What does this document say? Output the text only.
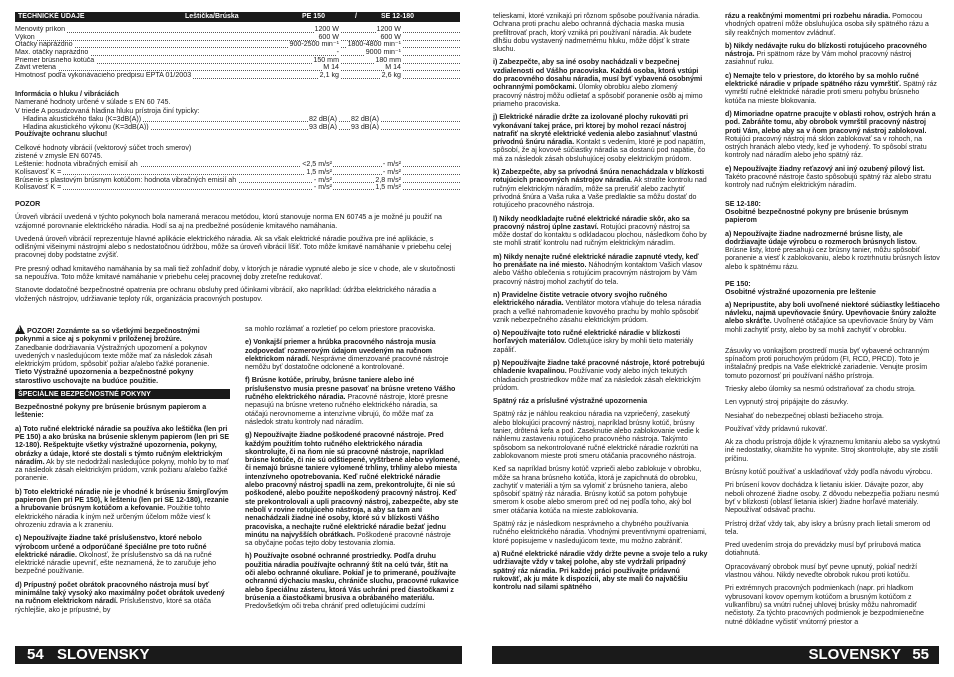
TECHNICKÉ ÚDAJE	Leštička/Brúska	PE 150	/	SE 12-180
Menovitý príkon	1200 W	1200 W
Výkon	600 W	600 W
Otáčky naprázdno	900-2500 min⁻¹ 1800-4800 min⁻¹
Max. otáčky naprázdno	-	9000 min⁻¹
Priemer brúsneho kotúča	150 mm	180 mm
Závit vretena	M 14	M 14
Hmotnosť podľa vykonávacieho predpisu EPTA 01/2003	2,1 kg	2,6 kg
Informácia o hluku / vibráciách
Namerané hodnoty určené v súlade s EN 60 745.
V triede A posudzovaná hladina hluku prístroja činí typicky:
Hladina akustického tlaku (K=3dB(A))	82 dB(A) 82 dB(A)
Hladina akustického výkonu (K=3dB(A))	93 dB(A) 93 dB(A)
Používajte ochranu sluchu!
Celkové hodnoty vibrácií (vektorový súčet troch smerov)
zistené v zmysle EN 60745.
Leštenie: hodnota vibračných emisií ah	<2,5 m/s²	- m/s²
Kolísavosť K =	1,5 m/s²	- m/s²
Brúsenie s plastovým brúsnym kotúčom: hodnota vibračných emisií ah	- m/s²	2,8 m/s²
Kolísavosť K =	- m/s²	1,5 m/s²

POZOR

Úroveň vibrácií uvedená v týchto pokynoch bola nameraná meracou metódou, ktorú stanovuje norma EN 60745 a je možné ju použiť na vzájomné porovnanie elektrického náradia. Hodí sa aj na predbežné posúdenie kmitavého namáhania.

Uvedená úroveň vibrácií reprezentuje hlavné aplikácie elektrického náradia. Ak sa však elektrické náradie použiva pre iné aplikácie, s odlišnými višeinymi nástrojmi alebo s nedostatočnou údržbou, môže sa úroveň vibrácií líšiť. Toto môže kmitavé namáhanie v priebehu celej pracovnej doby podstatne zvýšiť.

Pre presný odhad kmitavého namáhania by sa mali tiež zohľadniť doby, v ktorých je náradie vypnuté alebo je síce v chode, ale v skutočnosti sa nepoužíva. Toto môže kmitavé namáhanie v priebehu celej pracovnej doby zreteľne redukovať.

Stanovte dodatočné bezpečnostné opatrenia pre ochranu obsluhy pred účinkami vibrácií, ako napríklad: údržba elektrického náradia a vložených nástrojov, udržiavanie teploty rúk, organizácia pracovných postupov.

!POZOR! Zoznámte sa so všetkými bezpečnostnými pokynmi a sice aj s pokynmi v priloženej brožúre.
Zanedbanie dodržiavania Výstražných upozornení a pokynov uvedených v nasledujúcom texte môže mať za následok zásah elektrickým prúdom, spôsobiť požiar a/alebo ťažké poranenie.
Tieto Výstražné upozornenia a bezpečnostné pokyny starostlivo uschovajte na budúce použitie.
ŠPECIÁLNE BEZPEČNOSTNÉ POKYNY

Bezpečnostné pokyny pre brúsenie brúsnym papierom a leštenie:

a) Toto ručné elektrické náradie sa používa ako leštička (len pri PE 150) a ako brúska na brúsenie sklenym papierom (len pri SE 12-180). Rešpektujte všetky výstražné upozornenia, pokyny, obrázky a údaje, ktoré ste dostali s týmto ručným elektrickým náradím. Ak by ste nedodržali nasledujúce pokyny, mohlo by to mať za následok zásah elektrickým prúdom, vznik požiaru a/alebo ťažké poranenie.

b) Toto elektrické náradie nie je vhodné k brúseniu šmirgľovým papierom (len pri PE 150), k lešteniu (len pri SE 12-180), rezanie a hrubovanie brúsnym kotúčom a kefovanie. Použitie tohto elektrického náradia k iným než určeným účelom môže viesť k ohrozeniu zdravia a k zraneniu.

c) Nepoužívajte žiadne také príslušenstvo, ktoré nebolo výrobcom určené a odporúčané špeciálne pre toto ručné elektrické náradie. Okolnosť, že príslušenstvo sa dá na ručné elektrické náradie upevniť, ešte neznamená, že to zaručuje jeho bezpečné používanie.

d) Prípustný počet obrátok pracovného nástroja musí byť minimálne taký vysoký ako maximálny počet obrátok uvedený na ručnom elektrickom náradí. Príslušenstvo, ktoré sa otáča rýchlejšie, ako je prípustné, by

sa mohlo rozlámať a rozletieť po celom priestore pracoviska.

e) Vonkajší priemer a hrúbka pracovného nástroja musia zodpovedať rozmerovým údajom uvedeným na ručnom elektrickom náradí. Nesprávne dimenzované pracovné nástroje nemôžu byť dostatočne odclonené a kontrolované.

f) Brúsne kotúče, príruby, brúsne taniere alebo iné príslušenstvo musia presne pasovať na brúsne vreteno Vášho ručného elektrického náradia. Pracovné nástroje, ktoré presne nepasujú na brúsne vreteno ručného elektrického náradia, sa otáčajú nerovnomerne a intenzívne vibrujú, čo môže mať za následok stratu kontroly nad náradím.

g) Nepoužívajte žiadne poškodené pracovné nástroje. Pred každým použitím tohto ručného elektrického náradia skontrolujte, či na ňom nie sú pracovné nástroje, napríklad brúsne kotúče, či nie sú odštiepené, vyštrbené alebo vylomené, či nemajú brúsne taniere vylomené trhliny, trhliny alebo miesta intenzívneho opotrebovania. Keď ručné elektrické náradie alebo pracovný nástroj spadli na zem, prekontrolujte, či nie sú poškodené, alebo použite nepoškodený pracovný nástroj. Keď ste prekontrolovali a upli pracovný nástroj, zabezpečte, aby ste nebolí v rovine rotujúceho nástroja, a aby sa tam ani nenachádzali žiadne iné osoby, ktoré sú v blízkosti Vášho pracoviska, a nechajte ručné elektrické náradie bežať jednu minútu na najvyšších obrátkach. Poškodené pracovné nástroje sa obyčajne počas tejto doby testovania zlomia.

h) Používajte osobné ochranné prostriedky. Podľa druhu použitia náradia používajte ochranný štít na celú tvár, štít na oči alebo ochranné okuliare. Pokiaľ je to primerané, používajte ochrannú dýchaciu masku, chrániče sluchu, pracovné rukavice alebo špeciálnu zásteru, ktorá Vás uchráni pred čiastočkami z brúsenia a čiastočkami brusiva a obrábaného materiálu. Predovšetkým oči treba chrániť pred odletujúcimi cudzími

54 SLOVENSKY

telieskami, ktoré vznikajú pri rôznom spôsobe používania náradia. Ochrana proti prachu alebo ochranná dýchacia maska musia prefiltrovať prach, ktorý vzniká pri používaní náradia. Ak budete dlhšiu dobu vystavený nadmernému hluku, môže dôjsť k strate sluchu.

i) Zabezpečte, aby sa iné osoby nachádzali v bezpečnej vzdialenosti od Vášho pracoviska. Každá osoba, ktorá vstúpi do pracovného dosahu náradia, musí byť vybavená osobnými ochrannými pomôckami. Úlomky obrobku alebo zlomený pracovný nástroj môžu odlietať a spôsobiť poranenie osôb aj mimo priameho pracoviska.

j) Elektrické náradie držte za izolované plochy rukoväti pri vykonávaní takej práce, pri ktorej by mohol rezací nástroj natrafiť na skryté elektrické vedenia alebo zasiahnuť vlastnú prívodnú šnúru náradia. Kontakt s vedením, ktoré je pod napätím, spôsobí, že aj kovové súčiastky náradia sa dostanú pod napätie, čo má za následok zásah obsluhujúcej osoby elektrickým prúdom.

k) Zabezpečte, aby sa prívodná šnúra nenachádzala v blízkosti rotujúcich pracovných nástrojov náradia. Ak stratíte kontrolu nad ručným elektrickým náradím, môže sa prerušiť alebo zachytiť prívodná šnúra a Vaša ruka a Vaše predlaktie sa môžu dostať do rotujúceho pracovného nástroja.

l) Nikdy neodkladajte ručné elektrické náradie skôr, ako sa pracovný nástroj úplne zastaví. Rotujúci pracovný nástroj sa môže dostať do kontaktu s odkladacou plochou, následkom čoho by ste mohli stratiť kontrolu nad ručným elektrickým náradím.

m) Nikdy nenajte ručné elektrické náradie zapnuté vtedy, keď ho prenášate na iné miesto. Náhodným kontaktom Vašich vlasov alebo Vášho oblečenia s rotujúcim pracovným nástrojom by Vám pracovný nástroj mohol zachytiť do tela.

n) Pravidelne čistite vetracie otvory svojho ručného elektrického náradia. Ventilátor motora vťahuje do telesa náradia prach a veľké nahromadenie kovového prachu by mohlo spôsobiť vznik nebezpečného zásahu elektrickým prúdom.

o) Nepoužívajte toto ručné elektrické náradie v blízkosti horľavých materiálov. Odletujúce iskry by mohli tieto materiály zapáliť.

p) Nepoužívajte žiadne také pracovné nástroje, ktoré potrebujú chladenie kvapalinou. Používanie vody alebo iných tekutých chladiacich prostriedkov môže mať za následok zásah elektrickým prúdom.

Spätný ráz a príslušné výstražné upozornenia

Spätný ráz je náhlou reakciou náradia na vzpriečený, zasekutý alebo blokujúci pracovný nástroj, napríklad brúsny kotúč, brúsny tanier, drôtená kefa a pod. Zaseknutie alebo zablokovanie vedie k náhlemu zastaveniu rotujúceho pracovného nástroja. Takýmto spôsobom sa nekontrolované ručné elektrické náradie rozkrúti na zablokovanom mieste proti smeru otáčania pracovného nástroja.

Keď sa napríklad brúsny kotúč vzprieči alebo zablokuje v obrobku, môže sa hrana brúsneho kotúča, ktorá je zapichnutá do obrobku, zachytiť v materiáli a tým sa vylomiť z brúsneho taniera, alebo spôsobiť spätný ráz náradia. Brúsny kotúč sa potom pohybuje smerom k osobe alebo smerom preč od nej podľa toho, aký bol smer otáčania kotúča na mieste zablokovania.

Spätný ráz je následkom nesprávneho a chybného používania ručného elektrického náradia. Vhodnými preventívnymi opatreniami, ktoré popisujeme v nasledujúcom texte, mu možno zabrániť.

a) Ručné elektrické náradie vždy držte pevne a svoje telo a ruky udržiavajte vždy v takej polohe, aby ste vydržali prípadný spätný ráz náradia. Pri každej práci používajte prídavnú rukoväť, ak ju máte k dispozícii, aby ste mali čo najväčšiu kontrolu nad silami spätného

rázu a reakčnými momentmi pri rozbehu náradia. Pomocou vhodných opatrení môže obsluhujúca osoba sily spätného rázu a sily reakčných momentov zvládnuť.

b) Nikdy nedávajte ruku do blízkosti rotujúceho pracovného nástroja. Pri spätnom ráze by Vám mohol pracovný nástroj zasiahnuť ruku.

c) Nemajte telo v priestore, do ktorého by sa mohlo ručné elektrické náradie v prípade spätného rázu vymrštiť. Spätný ráz vymrští ručné elektrické náradie proti smeru pohybu brúsneho kotúča na mieste blokovania.

d) Mimoriadne opatrne pracujte v oblasti rohov, ostrých hrán a pod. Zabráňte tomu, aby obrobok vymrštil pracovný nástroj proti Vám, alebo aby sa v ňom pracovný nástroj zablokoval. Rotujúci pracovný nástroj má sklon zablokovať sa v rohoch, na ostrých hranách alebo vtedy, keď je vyhodený. To spôsobí stratu kontroly nad náradím alebo jeho spätný ráz.

e) Nepoužívajte žiadny reťazový ani iný ozubený pílový list. Takéto pracovné nástroje často spôsobujú spätný ráz alebo stratu kontroly nad ručným elektrickým náradím.

SE 12-180:
Osobitné bezpečnostné pokyny pre brúsenie brúsnym papierom

a) Nepoužívajte žiadne nadrozmerné brúsne listy, ale dodržiavajte údaje výrobcu o rozmeroch brúsnych listov. Brúsne listy, ktoré presahujú cez brúsny tanier, môžu spôsobiť poranenie a viesť k zablokovaniu, alebo k roztrhnutiu brúsnych listov alebo k spätnému rázu.

PE 150:
Osobitné výstražné upozornenia pre leštenie

a) Nepripustite, aby boli uvoľnené niektoré súčiastky leštiaceho návleku, najmä upevňovacie šnúry. Upevňovacie šnúry založte alebo skráťte. Uvoľnené otáčajúce sa upevňovacie šnúry by Vám mohli zachytiť prsty, alebo by sa mohli zachytiť v obrobku.

Zásuvky vo vonkajšom prostredí musia byť vybavené ochranným spínačom proti poruchovým prúdom (FI, RCD, PRCD). Toto je inštalačný predpis na Vaše elektrické zariadenie. Venujte prosím tomuto pozornosť pri používaní nášho prístroja.

Triesky alebo úlomky sa nesmú odstraňovať za chodu stroja.

Len vypnutý stroj pripájajte do zásuvky.

Nesiahať do nebezpečnej oblasti bežiaceho stroja.

Používať vždy prídavnú rukoväť.

Ak za chodu prístroja dôjde k výraznemu kmitaniu alebo sa vyskytnú iné nedostatky, okamžite ho vypnite. Stroj skontrolujte, aby ste zistili príčinu.

Brúsny kotúč používať a uskladňovať vždy podľa návodu výrobcu.

Pri brúsení kovov dochádza k lietaniu iskier. Dávajte pozor, aby neboli ohrozené žiadne osoby. Z dôvodu nebezpečia požiaru nesmú byť v blízkosti (oblasť lietania iskier) žiadne horľavé materiály. Nepoužívať odsávač prachu.

Prístroj držať vždy tak, aby iskry a brúsny prach lietali smerom od tela.

Pred uvedením stroja do prevádzky musí byť prírubová matica dotiahnutá.

Opracovávaný obrobok musí byť pevne upnutý, pokiaľ nedrží vlastnou váhou. Nikdy neveďte obrobok rukou proti kotúču.

Pri extrémnych pracovných podmienkach (napr. pri hladkom vybrusovaní kovov opernym kotúčom a brusným kotúčom z vulkanfíbru) sa vnútri ručnej uhlovej brúsky môžu nahromadiť nečistoty. Za týchto pracovných podmienok je bezpodmienečne nutné dôkladne vyčistiť vnútorný priestor a

SLOVENSKY 55
